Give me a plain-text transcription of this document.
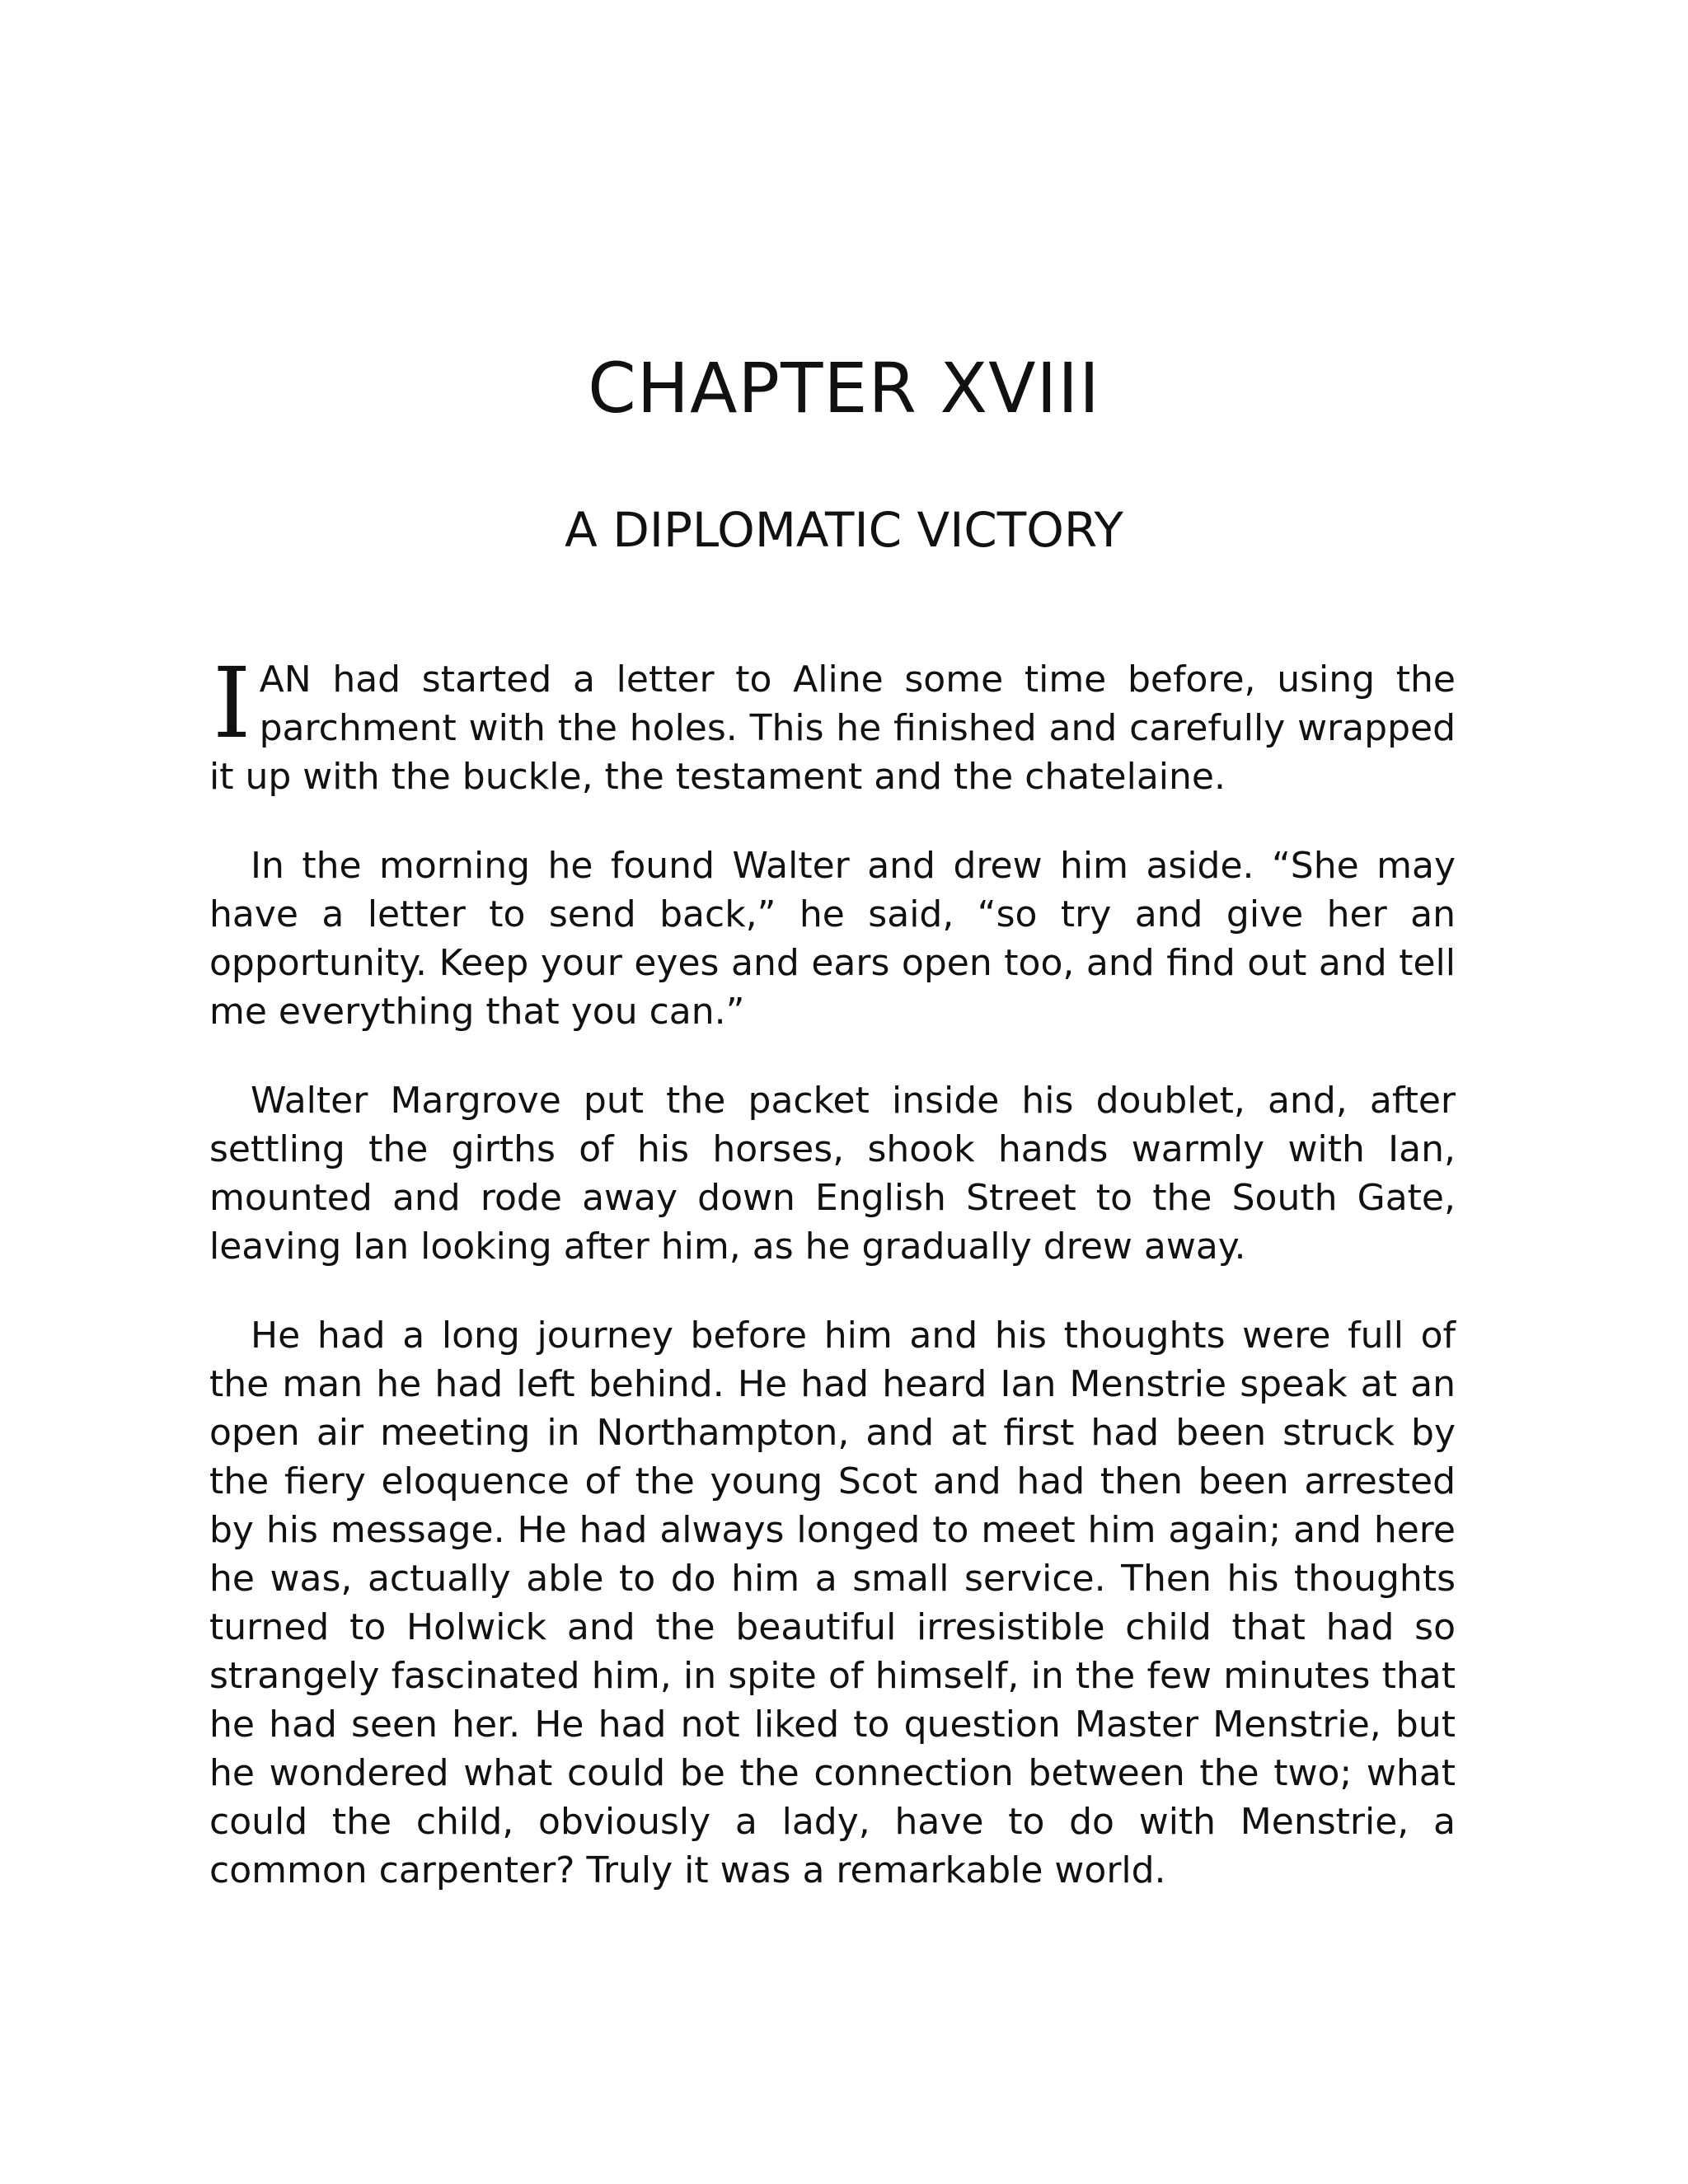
CHAPTER XVIII
A DIPLOMATIC VICTORY

IAN had started a letter to Aline some time before, using the parchment with the holes. This he finished and carefully wrapped it up with the buckle, the testament and the chatelaine.

In the morning he found Walter and drew him aside. “She may have a letter to send back,” he said, “so try and give her an opportunity. Keep your eyes and ears open too, and find out and tell me everything that you can.”

Walter Margrove put the packet inside his doublet, and, after settling the girths of his horses, shook hands warmly with Ian, mounted and rode away down English Street to the South Gate, leaving Ian looking after him, as he gradually drew away.

He had a long journey before him and his thoughts were full of the man he had left behind. He had heard Ian Menstrie speak at an open air meeting in Northampton, and at first had been struck by the fiery eloquence of the young Scot and had then been arrested by his message. He had always longed to meet him again; and here he was, actually able to do him a small service. Then his thoughts turned to Holwick and the beautiful irresistible child that had so strangely fascinated him, in spite of himself, in the few minutes that he had seen her. He had not liked to question Master Menstrie, but he wondered what could be the connection between the two; what could the child, obviously a lady, have to do with Menstrie, a common carpenter? Truly it was a remarkable world.
